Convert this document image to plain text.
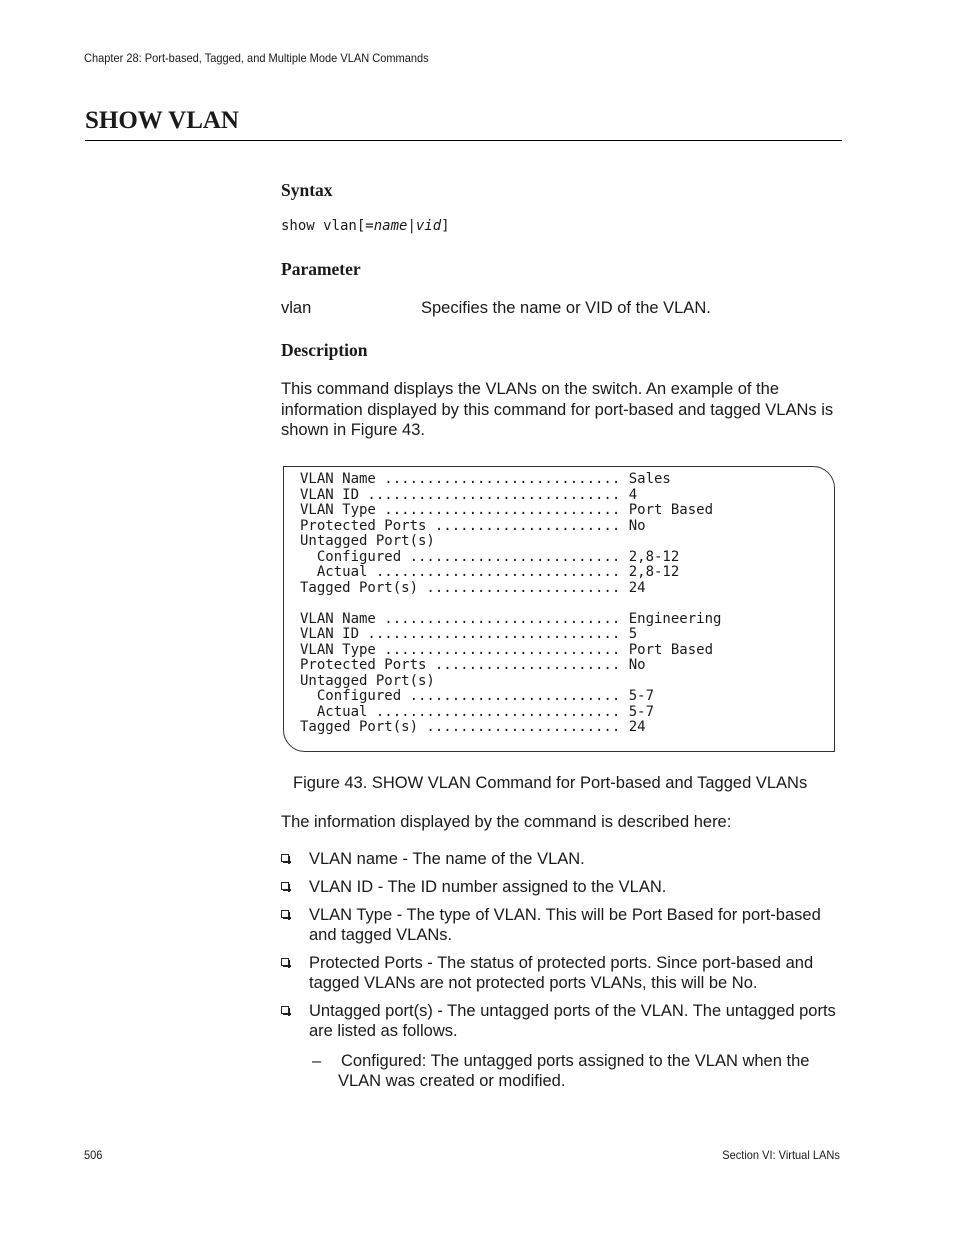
Chapter 28: Port-based, Tagged, and Multiple Mode VLAN Commands
SHOW VLAN
Syntax
show vlan[=name|vid]
Parameter
vlan	Specifies the name or VID of the VLAN.
Description
This command displays the VLANs on the switch. An example of the information displayed by this command for port-based and tagged VLANs is shown in Figure 43.
VLAN Name ............................ Sales
VLAN ID .............................. 4
VLAN Type ............................ Port Based
Protected Ports ...................... No
Untagged Port(s)
Configured ......................... 2,8-12
Actual ............................. 2,8-12
Tagged Port(s) ....................... 24
VLAN Name ............................ Engineering
VLAN ID .............................. 5
VLAN Type ............................ Port Based
Protected Ports ...................... No
Untagged Port(s)
Configured ......................... 5-7
Actual ............................. 5-7
Tagged Port(s) ....................... 24
Figure 43. SHOW VLAN Command for Port-based and Tagged VLANs
The information displayed by the command is described here:
VLAN name - The name of the VLAN.
VLAN ID - The ID number assigned to the VLAN.
VLAN Type - The type of VLAN. This will be Port Based for port-based and tagged VLANs.
Protected Ports - The status of protected ports. Since port-based and tagged VLANs are not protected ports VLANs, this will be No.
Untagged port(s) - The untagged ports of the VLAN. The untagged ports are listed as follows.
–	Configured: The untagged ports assigned to the VLAN when the VLAN was created or modified.
506	Section VI: Virtual LANs
